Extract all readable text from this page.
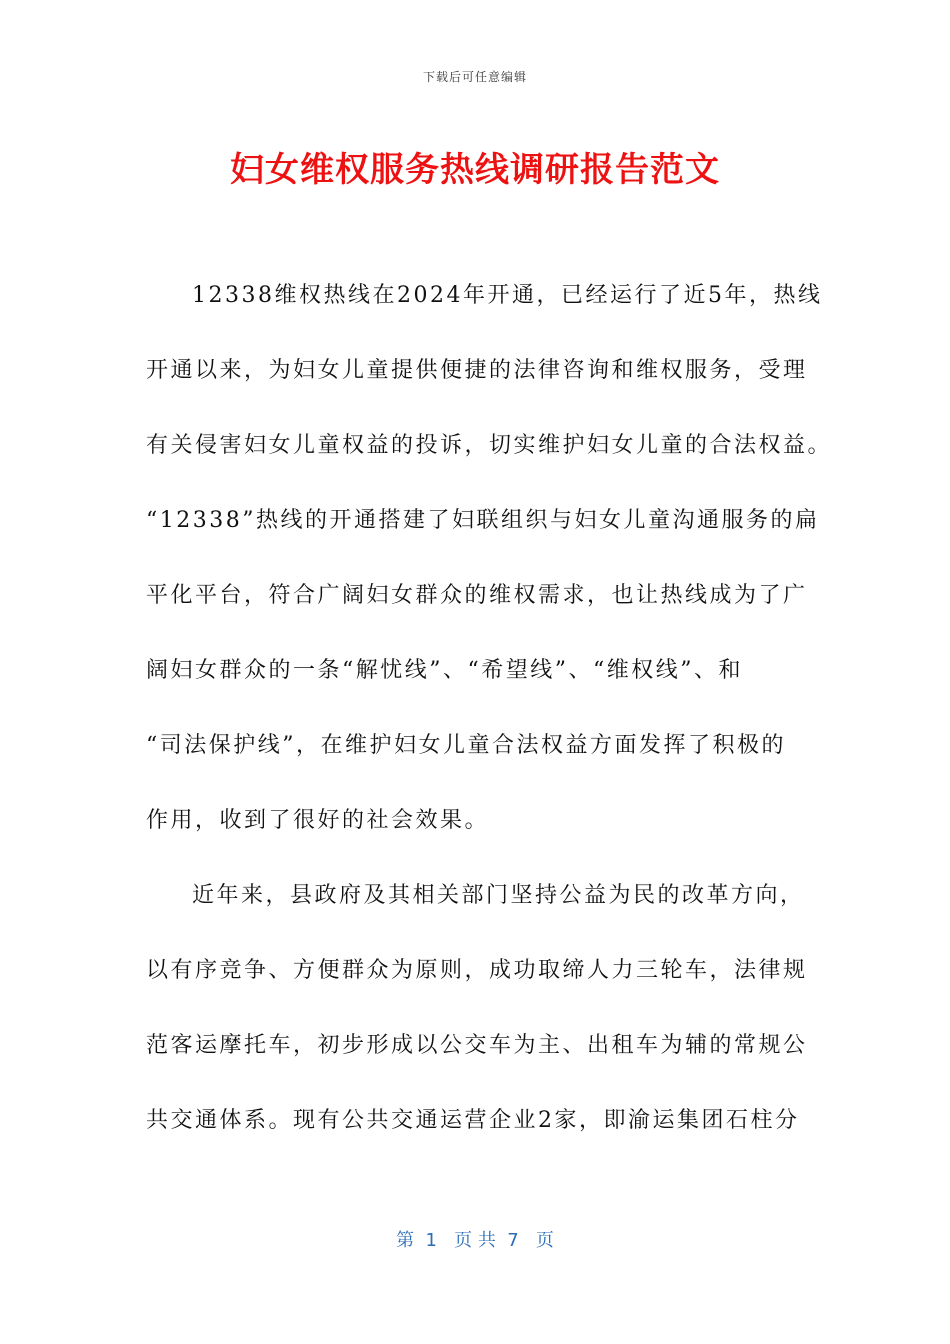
下载后可任意编辑
妇女维权服务热线调研报告范文
12338维权热线在2024年开通，已经运行了近5年，热线
开通以来，为妇女儿童提供便捷的法律咨询和维权服务，受理
有关侵害妇女儿童权益的投诉，切实维护妇女儿童的合法权益。
“12338”热线的开通搭建了妇联组织与妇女儿童沟通服务的扁
平化平台，符合广阔妇女群众的维权需求，也让热线成为了广
阔妇女群众的一条“解忧线”、“希望线”、“维权线”、和
“司法保护线”，在维护妇女儿童合法权益方面发挥了积极的
作用，收到了很好的社会效果。
近年来，县政府及其相关部门坚持公益为民的改革方向，
以有序竞争、方便群众为原则，成功取缔人力三轮车，法律规
范客运摩托车，初步形成以公交车为主、出租车为辅的常规公
共交通体系。现有公共交通运营企业2家，即渝运集团石柱分
第  1   页 共  7   页
